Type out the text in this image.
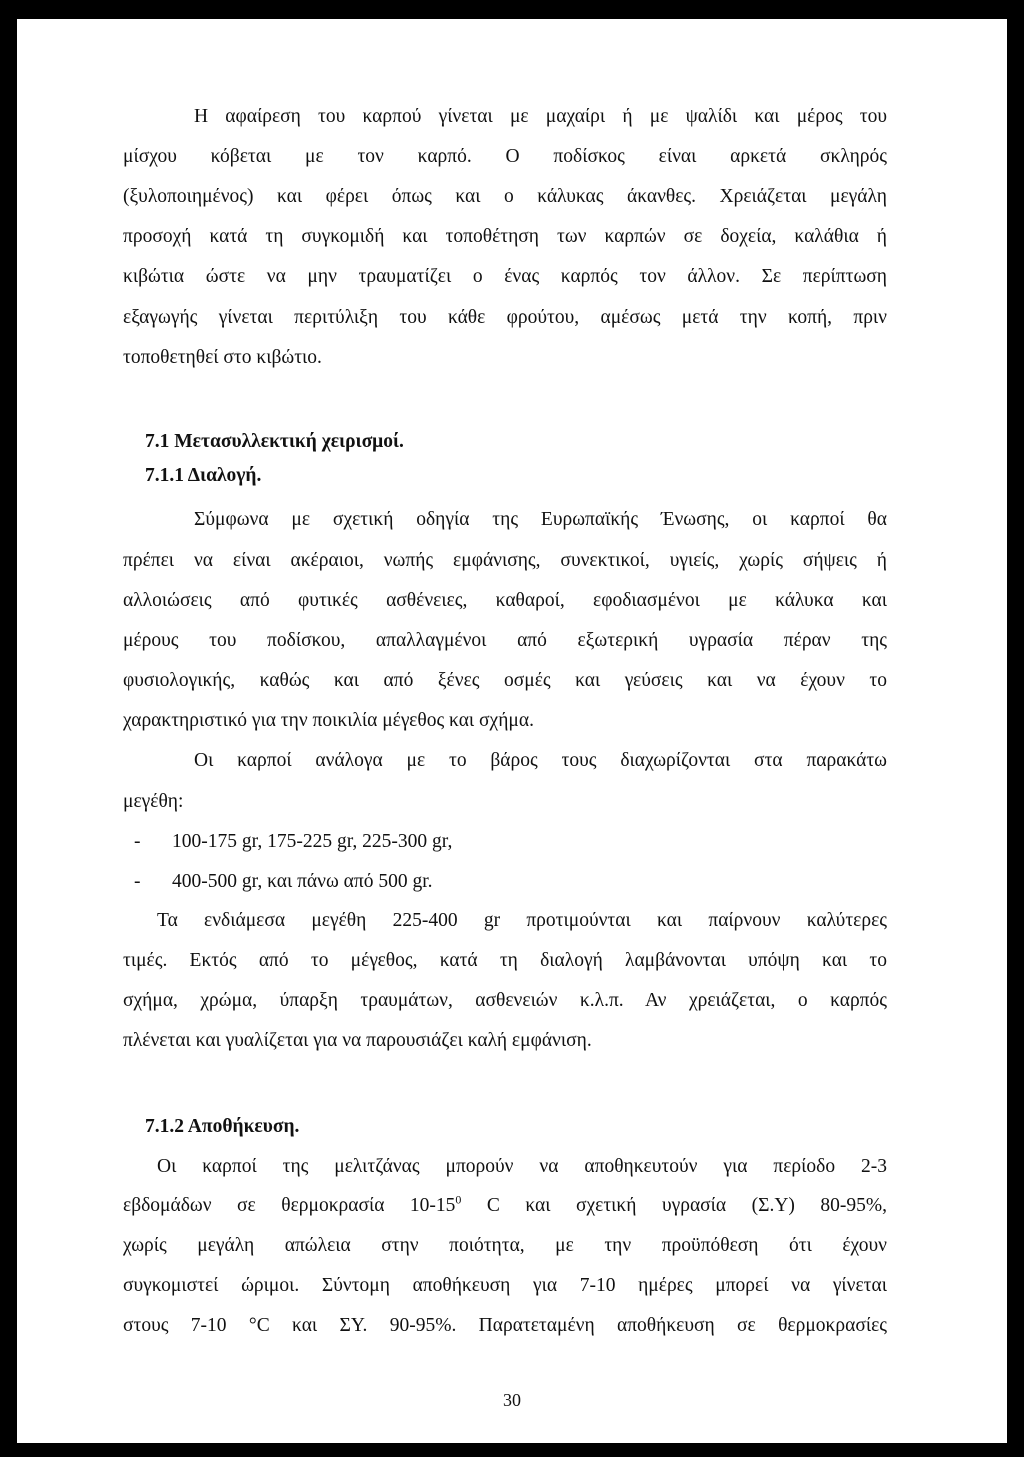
Η αφαίρεση του καρπού γίνεται με μαχαίρι ή με ψαλίδι και μέρος του
μίσχου κόβεται με τον καρπό. Ο ποδίσκος είναι αρκετά σκληρός
(ξυλοποιημένος) και φέρει όπως και ο κάλυκας άκανθες. Χρειάζεται μεγάλη
προσοχή κατά τη συγκομιδή και τοποθέτηση των καρπών σε δοχεία, καλάθια ή
κιβώτια ώστε να μην τραυματίζει ο ένας καρπός τον άλλον. Σε περίπτωση
εξαγωγής γίνεται περιτύλιξη του κάθε φρούτου, αμέσως μετά την κοπή, πριν
τοποθετηθεί στο κιβώτιο.
7.1 Μετασυλλεκτική χειρισμοί.
7.1.1 Διαλογή.
Σύμφωνα με σχετική οδηγία της Ευρωπαϊκής Ένωσης, οι καρποί θα
πρέπει να είναι ακέραιοι, νωπής εμφάνισης, συνεκτικοί, υγιείς, χωρίς σήψεις ή
αλλοιώσεις από φυτικές ασθένειες, καθαροί, εφοδιασμένοι με κάλυκα και
μέρους του ποδίσκου, απαλλαγμένοι από εξωτερική υγρασία πέραν της
φυσιολογικής, καθώς και από ξένες οσμές και γεύσεις και να έχουν το
χαρακτηριστικό για την ποικιλία μέγεθος και σχήμα.
Οι καρποί ανάλογα με το βάρος τους διαχωρίζονται στα παρακάτω
μεγέθη:
- 100-175 gr, 175-225 gr, 225-300 gr,
- 400-500 gr, και πάνω από 500 gr.
Τα ενδιάμεσα μεγέθη 225-400 gr προτιμούνται και παίρνουν καλύτερες
τιμές. Εκτός από το μέγεθος, κατά τη διαλογή λαμβάνονται υπόψη και το
σχήμα, χρώμα, ύπαρξη τραυμάτων, ασθενειών κ.λ.π. Αν χρειάζεται, ο καρπός
πλένεται και γυαλίζεται για να παρουσιάζει καλή εμφάνιση.
7.1.2 Αποθήκευση.
Οι καρποί της μελιτζάνας μπορούν να αποθηκευτούν για περίοδο 2-3
εβδομάδων σε θερμοκρασία $10-15^0$ C και σχετική υγρασία (Σ.Υ) 80-95%,
χωρίς μεγάλη απώλεια στην ποιότητα, με την προϋπόθεση ότι έχουν
συγκομιστεί ώριμοι. Σύντομη αποθήκευση για 7-10 ημέρες μπορεί να γίνεται
στους 7-10 °C και ΣΥ. 90-95%. Παρατεταμένη αποθήκευση σε θερμοκρασίες
30
